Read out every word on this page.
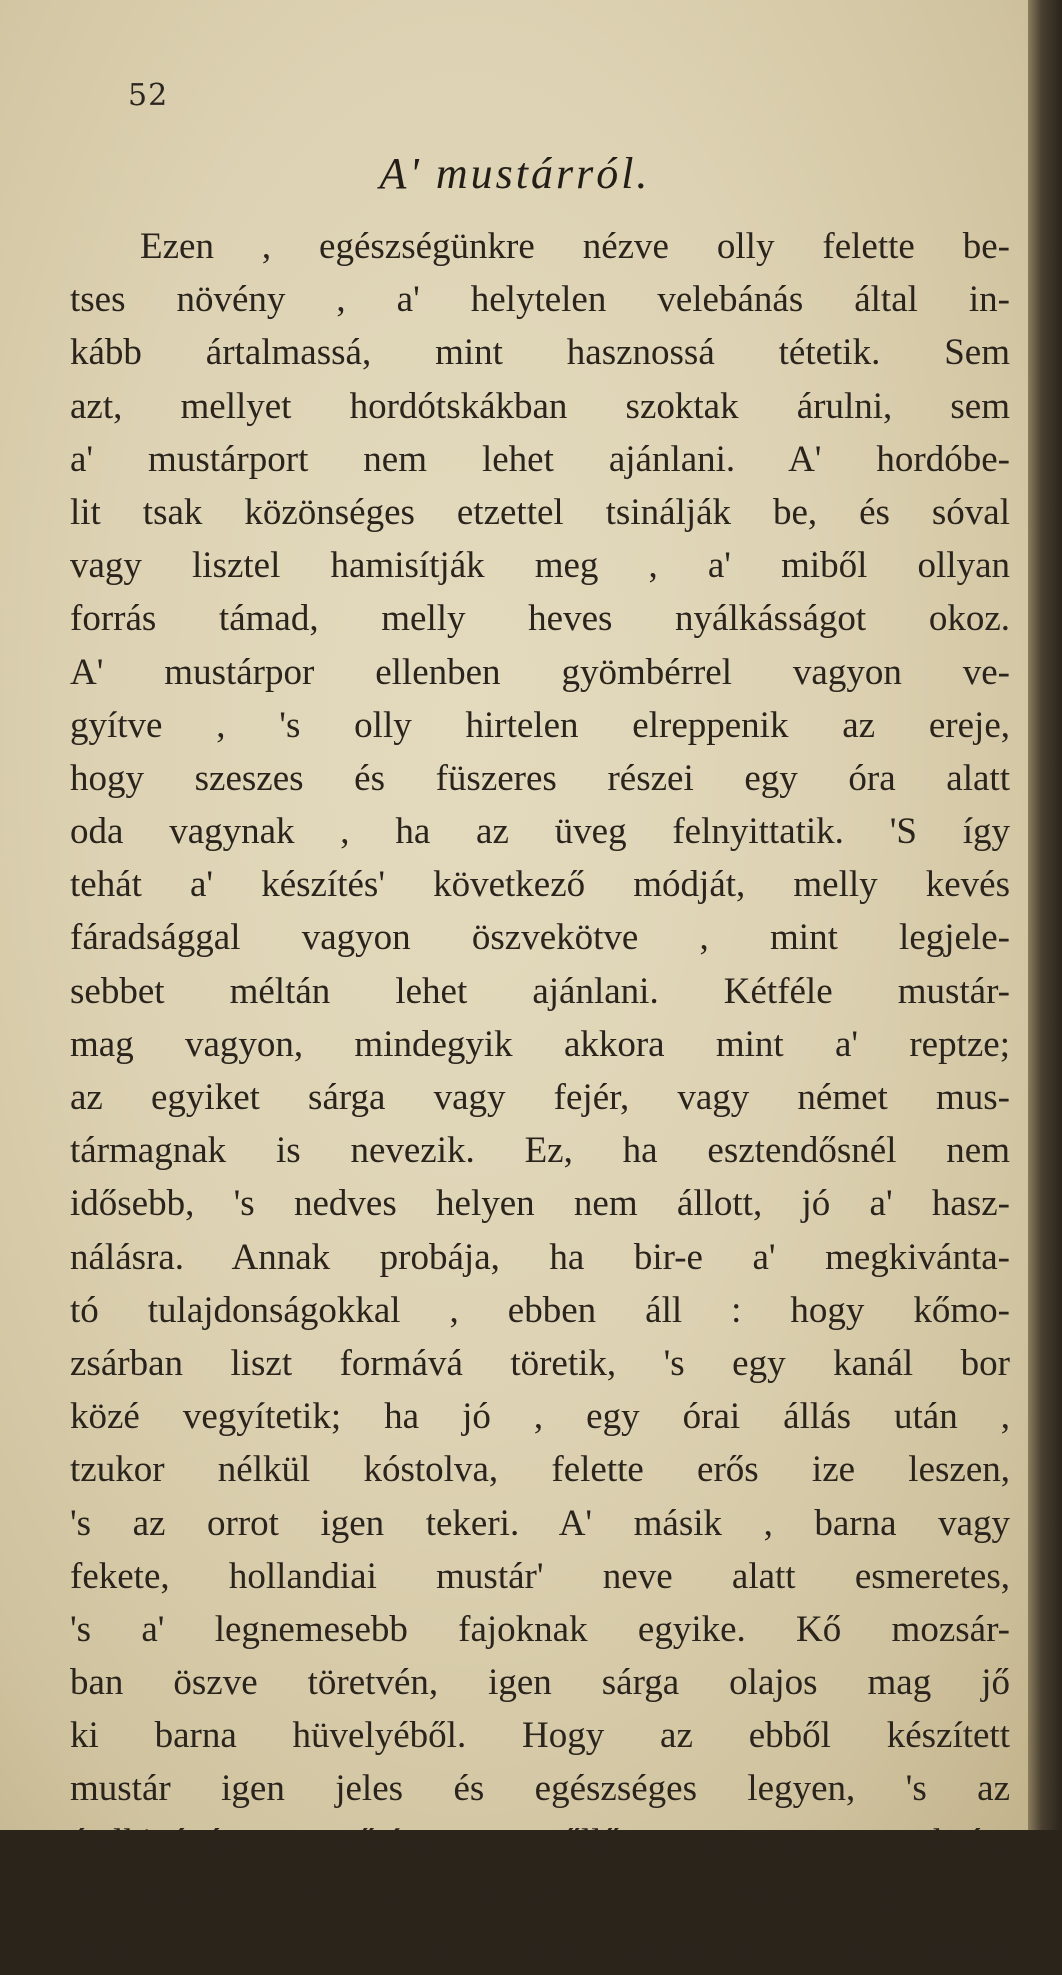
52
A' mustárról.
Ezen , egészségünkre nézve olly felette be-
tses növény , a' helytelen velebánás által in-
kább ártalmassá, mint hasznossá tétetik. Sem
azt, mellyet hordótskákban szoktak árulni, sem
a' mustárport nem lehet ajánlani. A' hordóbe-
lit tsak közönséges etzettel tsinálják be, és sóval
vagy lisztel hamisítják meg , a' miből ollyan
forrás támad, melly heves nyálkásságot okoz.
A' mustárpor ellenben gyömbérrel vagyon ve-
gyítve , 's olly hirtelen elreppenik az ereje,
hogy szeszes és füszeres részei egy óra alatt
oda vagynak , ha az üveg felnyittatik. 'S így
tehát a' készítés' következő módját, melly kevés
fáradsággal vagyon öszvekötve , mint legjele-
sebbet méltán lehet ajánlani. Kétféle mustár-
mag vagyon, mindegyik akkora mint a' reptze;
az egyiket sárga vagy fejér, vagy német mus-
tármagnak is nevezik. Ez, ha esztendősnél nem
idősebb, 's nedves helyen nem állott, jó a' hasz-
nálásra. Annak probája, ha bir-e a' megkivánta-
tó tulajdonságokkal , ebben áll : hogy kőmo-
zsárban liszt formává töretik, 's egy kanál bor
közé vegyítetik; ha jó , egy órai állás után ,
tzukor nélkül kóstolva, felette erős ize leszen,
's az orrot igen tekeri. A' másik , barna vagy
fekete, hollandiai mustár' neve alatt esmeretes,
's a' legnemesebb fajoknak egyike. Kő mozsár-
ban öszve töretvén, igen sárga olajos mag jő
ki barna hüvelyéből. Hogy az ebből készített
mustár igen jeles és egészséges legyen, 's az
ételkivánást erősítse, szőllő mustot szükség,
minekelőtte forrana, befőzni. A' must úgy fő,
mint a' viz, 's meg nem savanyodik, ha annak
